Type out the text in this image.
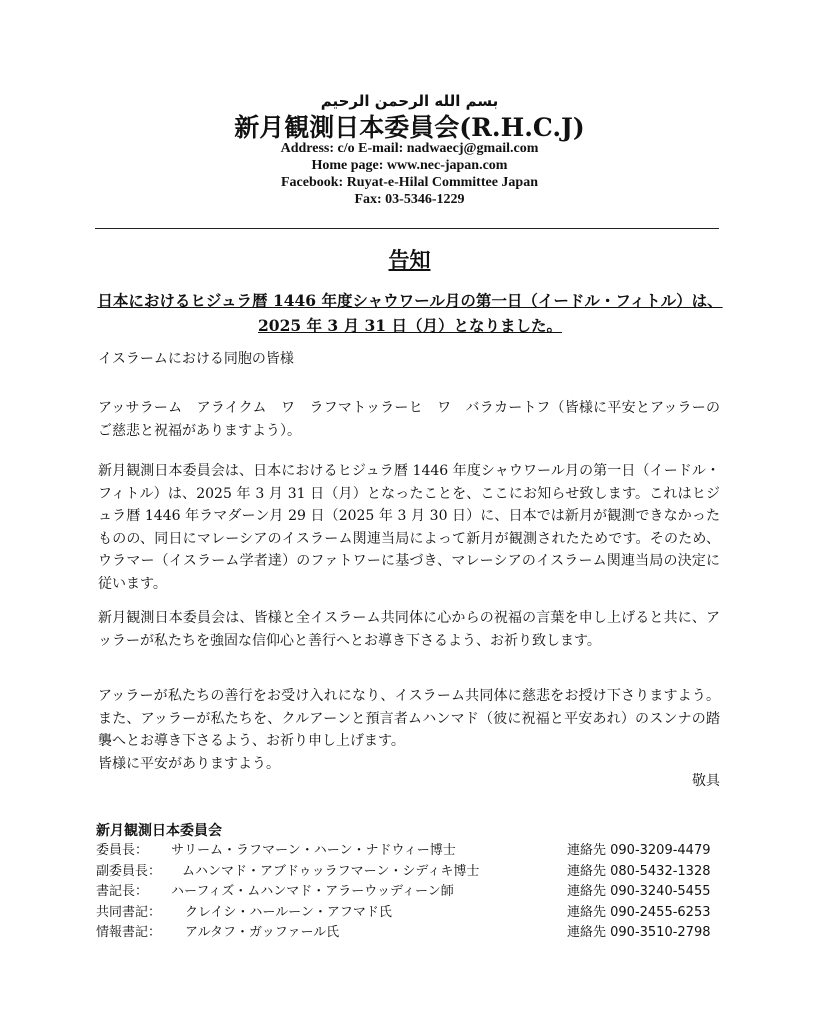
بسم الله الرحمن الرحيم
新月観測日本委員会(R.H.C.J)
Address: c/o E-mail: nadwaecj@gmail.com
Home page: www.nec-japan.com
Facebook: Ruyat-e-Hilal Committee Japan
Fax: 03-5346-1229
告知
日本におけるヒジュラ暦 1446 年度シャウワール月の第一日（イードル・フィトル）は、2025 年 3 月 31 日（月）となりました。

イスラームにおける同胞の皆様

アッサラーム　アライクム　ワ　ラフマトッラーヒ　ワ　バラカートフ（皆様に平安とアッラーのご慈悲と祝福がありますよう）。

新月観測日本委員会は、日本におけるヒジュラ暦 1446 年度シャウワール月の第一日（イードル・フィトル）は、2025 年 3 月 31 日（月）となったことを、ここにお知らせ致します。これはヒジュラ暦 1446 年ラマダーン月 29 日（2025 年 3 月 30 日）に、日本では新月が観測できなかったものの、同日にマレーシアのイスラーム関連当局によって新月が観測されたためです。そのため、ウラマー（イスラーム学者達）のファトワーに基づき、マレーシアのイスラーム関連当局の決定に従います。

新月観測日本委員会は、皆様と全イスラーム共同体に心からの祝福の言葉を申し上げると共に、アッラーが私たちを強固な信仰心と善行へとお導き下さるよう、お祈り致します。

アッラーが私たちの善行をお受け入れになり、イスラーム共同体に慈悲をお授け下さりますよう。また、アッラーが私たちを、クルアーンと預言者ムハンマド（彼に祝福と平安あれ）のスンナの踏襲へとお導き下さるよう、お祈り申し上げます。
皆様に平安がありますよう。
敬具
新月観測日本委員会
委員長： サリーム・ラフマーン・ハーン・ナドウィー博士	連絡先 090-3209-4479
副委員長： ムハンマド・アブドゥッラフマーン・シディキ博士	連絡先 080-5432-1328
書記長： ハーフィズ・ムハンマド・アラーウッディーン師	連絡先 090-3240-5455
共同書記： クレイシ・ハールーン・アフマド氏	連絡先 090-2455-6253
情報書記： アルタフ・ガッファール氏	連絡先 090-3510-2798
